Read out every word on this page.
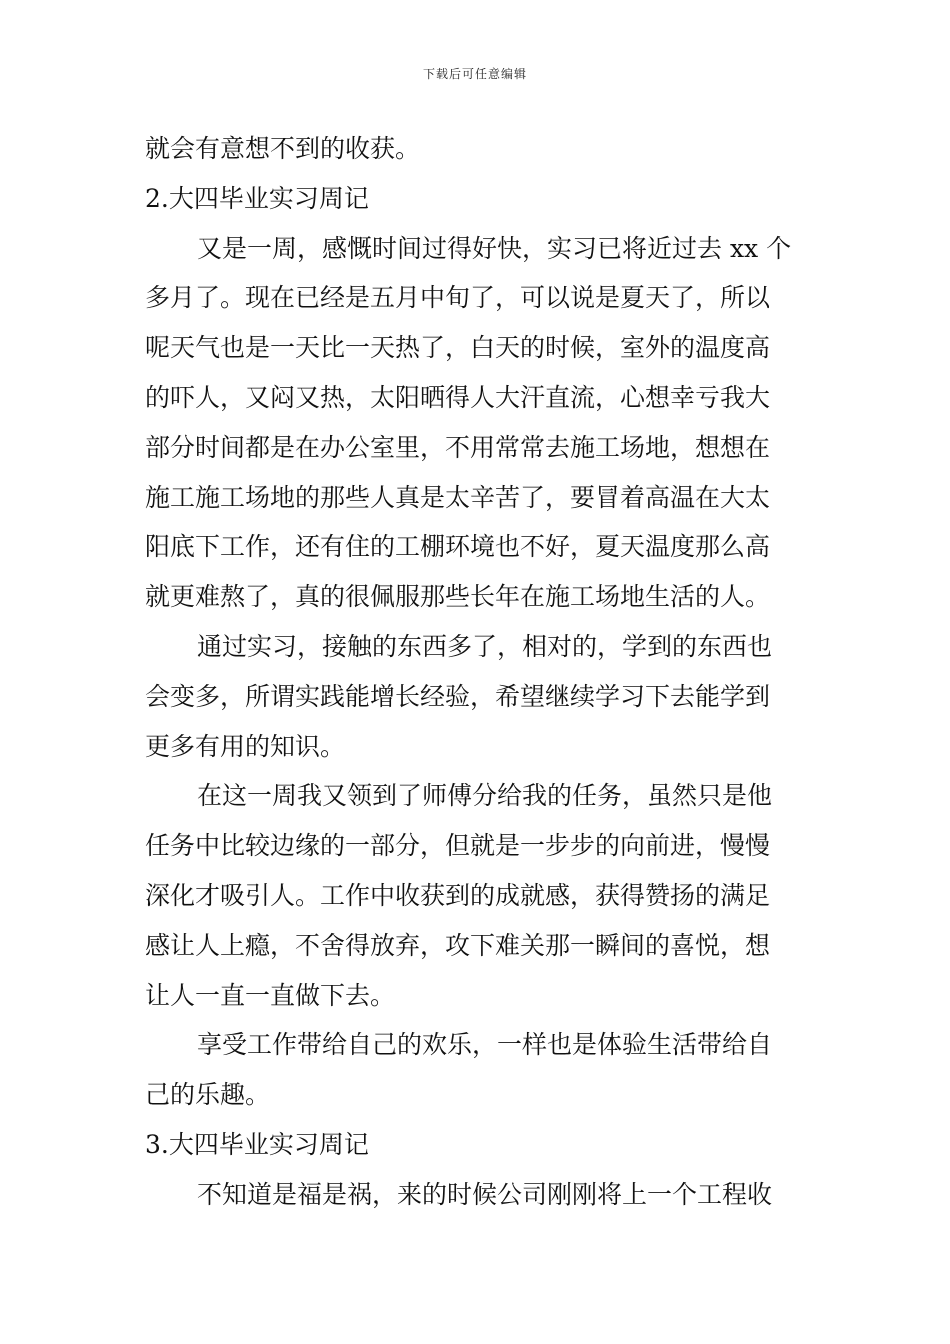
下载后可任意编辑
就会有意想不到的收获。
2.大四毕业实习周记
又是一周，感慨时间过得好快，实习已将近过去 xx 个
多月了。现在已经是五月中旬了，可以说是夏天了，所以
呢天气也是一天比一天热了，白天的时候，室外的温度高
的吓人，又闷又热，太阳晒得人大汗直流，心想幸亏我大
部分时间都是在办公室里，不用常常去施工场地，想想在
施工施工场地的那些人真是太辛苦了，要冒着高温在大太
阳底下工作，还有住的工棚环境也不好，夏天温度那么高
就更难熬了，真的很佩服那些长年在施工场地生活的人。
通过实习，接触的东西多了，相对的，学到的东西也
会变多，所谓实践能增长经验，希望继续学习下去能学到
更多有用的知识。
在这一周我又领到了师傅分给我的任务，虽然只是他
任务中比较边缘的一部分，但就是一步步的向前进，慢慢
深化才吸引人。工作中收获到的成就感，获得赞扬的满足
感让人上瘾，不舍得放弃，攻下难关那一瞬间的喜悦，想
让人一直一直做下去。
享受工作带给自己的欢乐，一样也是体验生活带给自
己的乐趣。
3.大四毕业实习周记
不知道是福是祸，来的时候公司刚刚将上一个工程收
